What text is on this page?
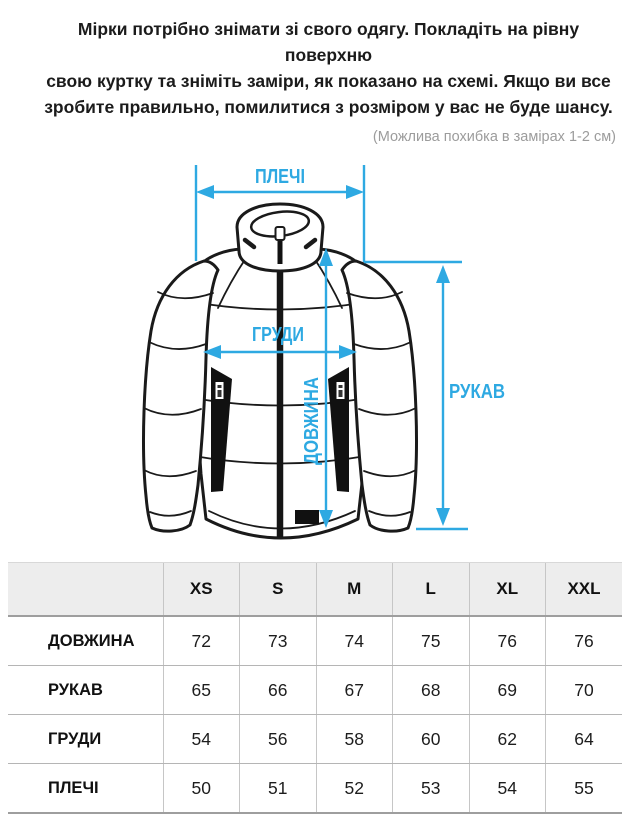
Мірки потрібно знімати зі свого одягу. Покладіть на рівну поверхню
свою куртку та зніміть заміри, як показано на схемі. Якщо ви все
зробите правильно, помилитися з розміром у вас не буде шансу.
(Можлива похибка в замірах 1-2 см)
ПЛЕЧІ
ГРУДИ
ДОВЖИНА	РУКАВ
	XS	S	M	L	XL	XXL
ДОВЖИНА	72	73	74	75	76	76
РУКАВ	65	66	67	68	69	70
ГРУДИ	54	56	58	60	62	64
ПЛЕЧІ	50	51	52	53	54	55
